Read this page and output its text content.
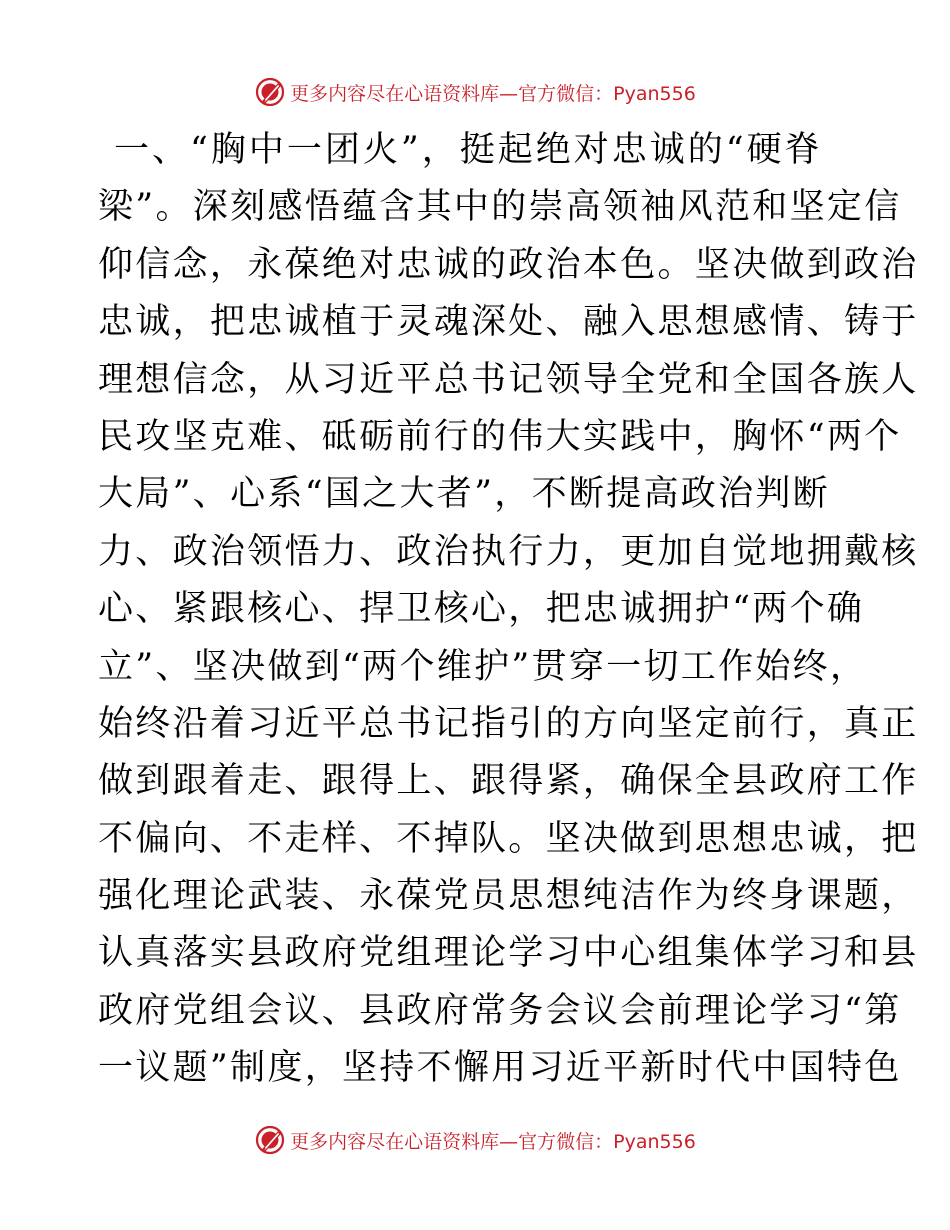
更多内容尽在心语资料库—官方微信：Pyan556
一、“胸中一团火”，挺起绝对忠诚的“硬脊
梁”。深刻感悟蕴含其中的崇高领袖风范和坚定信
仰信念，永葆绝对忠诚的政治本色。坚决做到政治
忠诚，把忠诚植于灵魂深处、融入思想感情、铸于
理想信念，从习近平总书记领导全党和全国各族人
民攻坚克难、砥砺前行的伟大实践中，胸怀“两个
大局”、心系“国之大者”，不断提高政治判断
力、政治领悟力、政治执行力，更加自觉地拥戴核
心、紧跟核心、捍卫核心，把忠诚拥护“两个确
立”、坚决做到“两个维护”贯穿一切工作始终，
始终沿着习近平总书记指引的方向坚定前行，真正
做到跟着走、跟得上、跟得紧，确保全县政府工作
不偏向、不走样、不掉队。坚决做到思想忠诚，把
强化理论武装、永葆党员思想纯洁作为终身课题，
认真落实县政府党组理论学习中心组集体学习和县
政府党组会议、县政府常务会议会前理论学习“第
一议题”制度，坚持不懈用习近平新时代中国特色
更多内容尽在心语资料库—官方微信：Pyan556
